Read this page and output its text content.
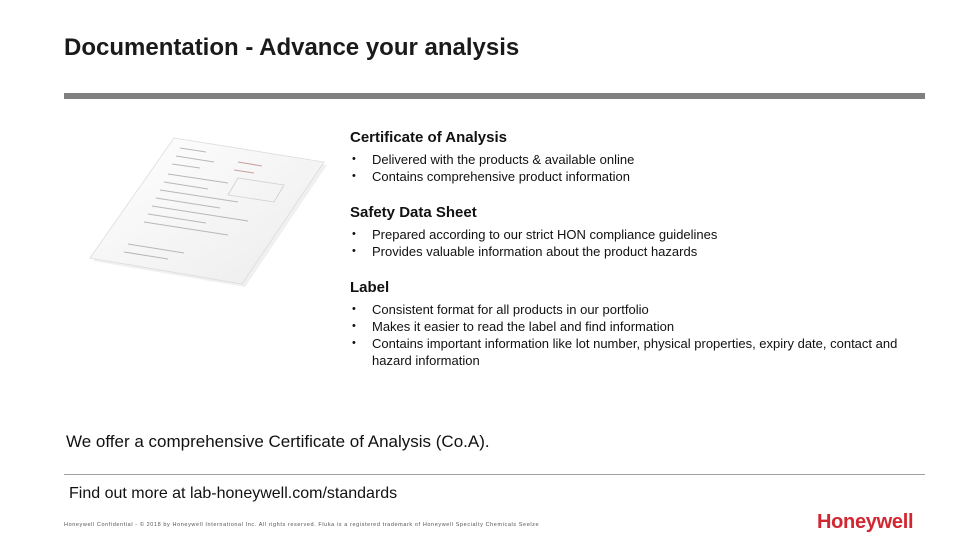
Documentation - Advance your analysis
Certificate of Analysis
• Delivered with the products & available online
• Contains comprehensive product information
Safety Data Sheet
• Prepared according to our strict HON compliance guidelines
• Provides valuable information about the product hazards
Label
• Consistent format for all products in our portfolio
• Makes it easier to read the label and find information
• Contains important information like lot number, physical properties, expiry date, contact and hazard information

We offer a comprehensive Certificate of Analysis (Co.A).

Find out more at lab-honeywell.com/standards

Honeywell Confidential - © 2018 by Honeywell International Inc. All rights reserved. Fluka is a registered trademark of Honeywell Specialty Chemicals Seelze	Honeywell
